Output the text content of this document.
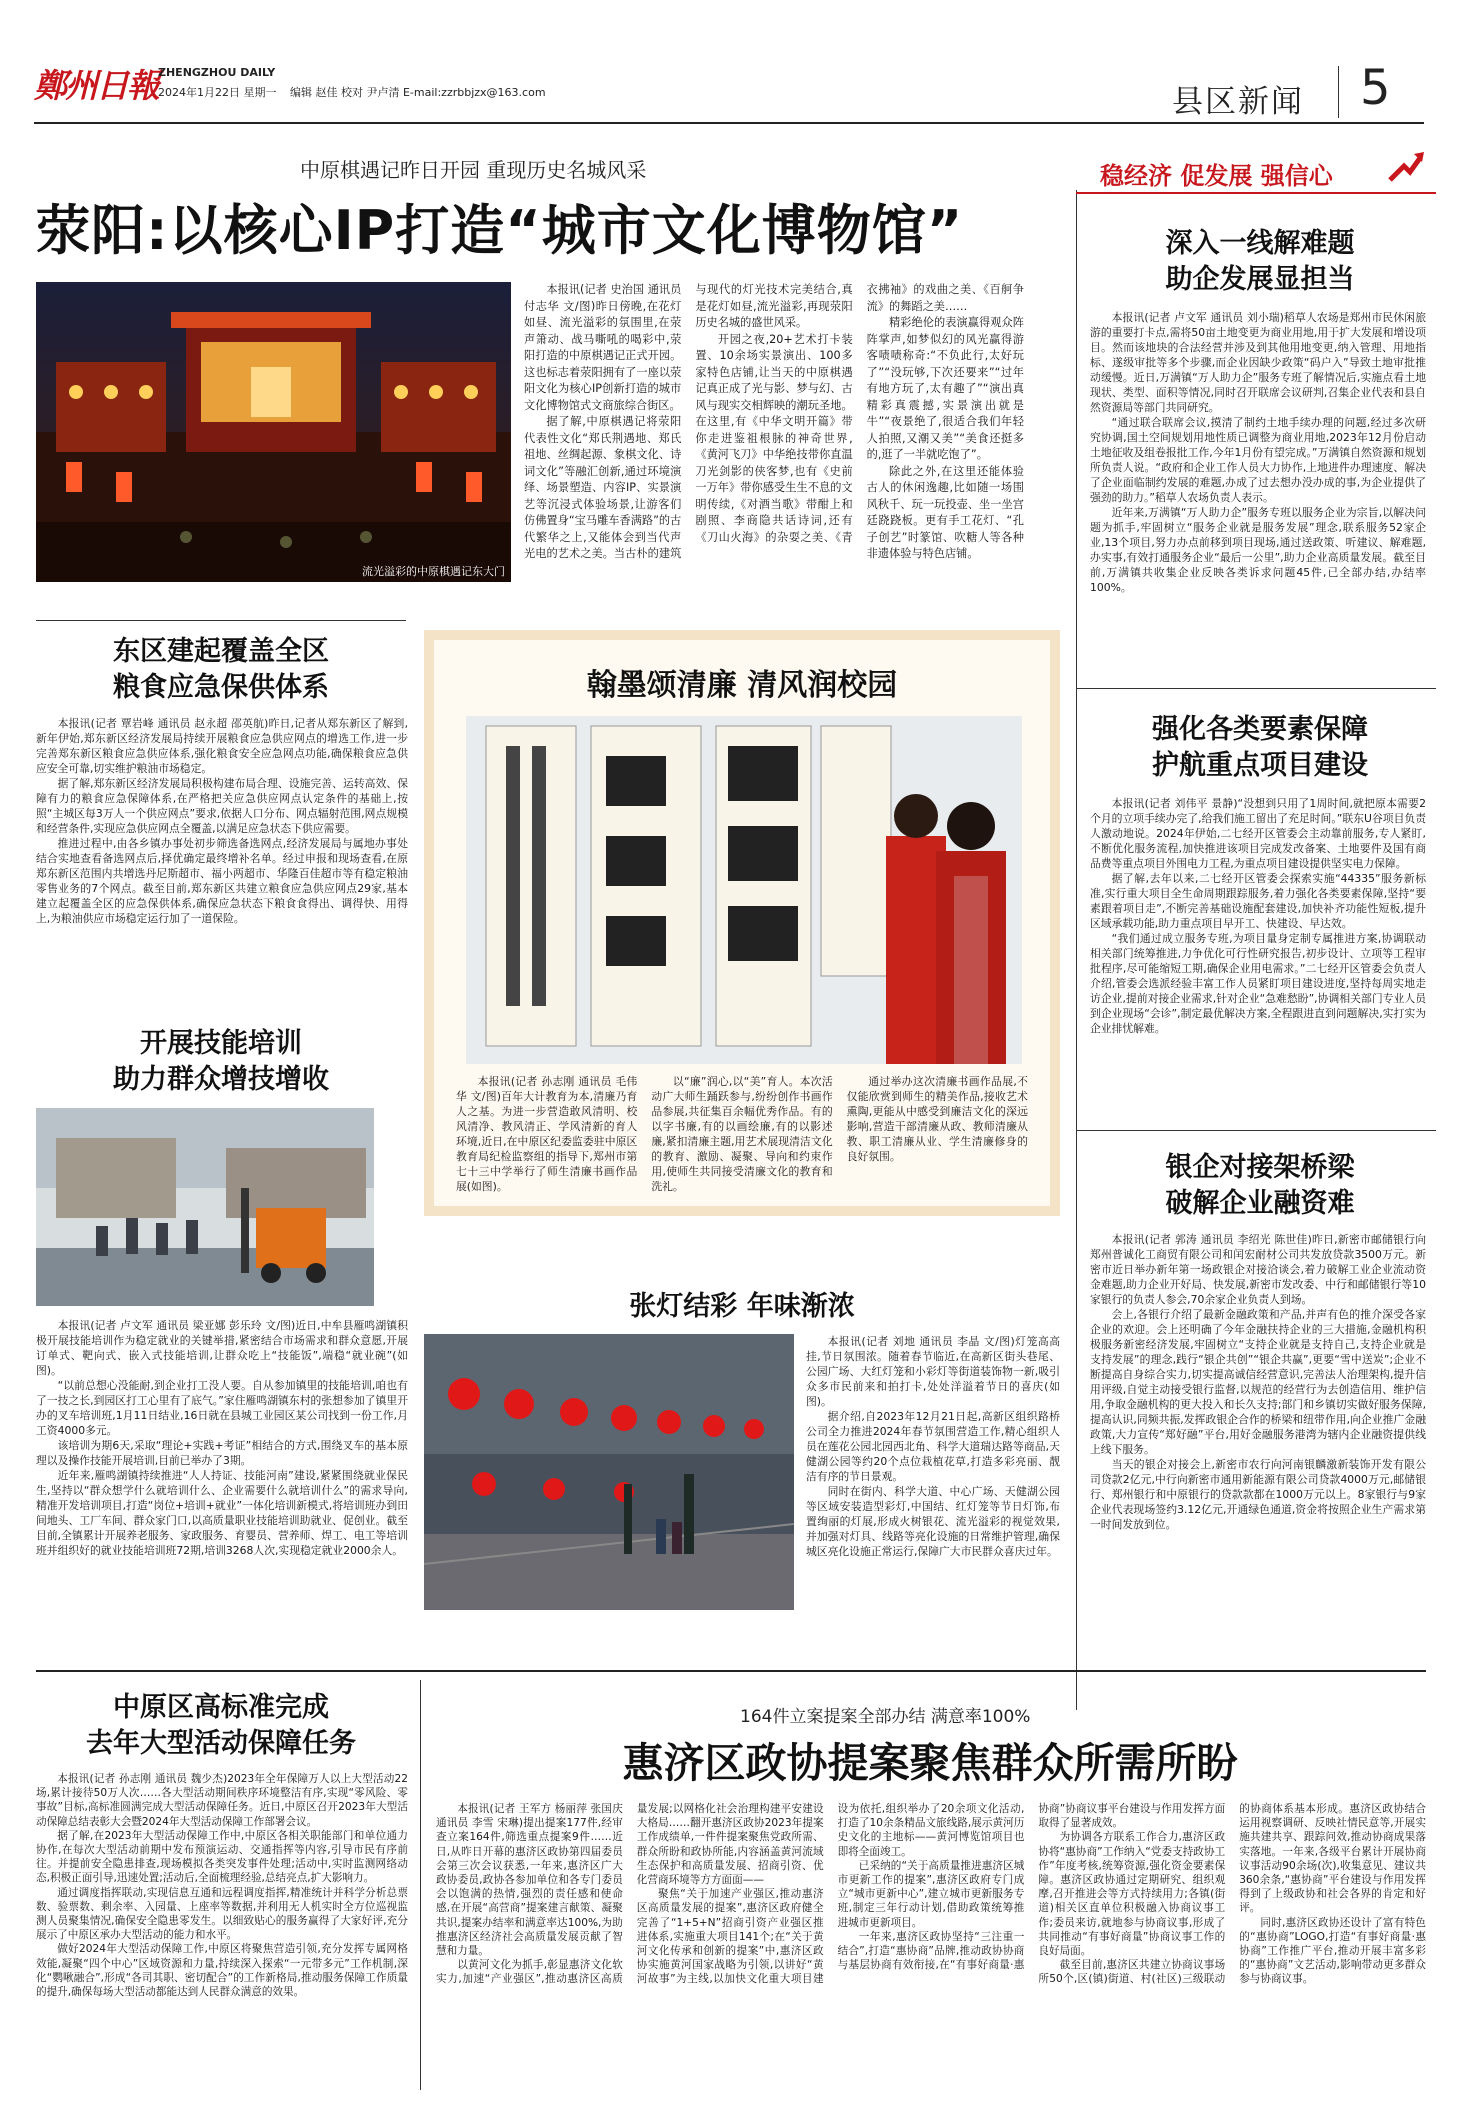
鄭州日報 ZHENGZHOU DAILY
2024年1月22日 星期一 编辑 赵佳 校对 尹卢清 E-mail:zzrbbjzx@163.com	县区新闻 5
中原棋遇记昨日开园 重现历史名城风采
荥阳:以核心IP打造“城市文化博物馆”
流光溢彩的中原棋遇记东大门

本报讯(记者 史治国 通讯员 付志华 文/图)昨日傍晚,在花灯如昼、流光溢彩的氛围里,在荥声箫动、战马嘶吼的喝彩中,荥阳打造的中原棋遇记正式开园。这也标志着荥阳拥有了一座以荥阳文化为核心IP创新打造的城市文化博物馆式文商旅综合街区。

据了解,中原棋遇记将荥阳代表性文化“郑氏荆遇地、郑氏祖地、丝绸起源、象棋文化、诗词文化”等融汇创新,通过环境演绎、场景塑造、内容IP、实景演艺等沉浸式体验场景,让游客们仿佛置身“宝马雕车香满路”的古代繁华之上,又能体会到当代声光电的艺术之美。当古朴的建筑与现代的灯光技术完美结合,真是花灯如昼,流光溢彩,再现荥阳历史名城的盛世风采。

开园之夜,20+艺术打卡装置、10余场实景演出、100多家特色店铺,让当天的中原棋遇记真正成了光与影、梦与幻、古风与现实交相辉映的潮玩圣地。在这里,有《中华文明开篇》带你走进鉴祖根脉的神奇世界,《黄河飞刀》中华绝技带你直温刀光剑影的侠客梦,也有《史前一万年》带你感受生生不息的文明传续,《对酒当歌》带酣上和剧照、李商隐共话诗词,还有《刀山火海》的杂耍之美、《青衣拂袖》的戏曲之美、《百舸争流》的舞蹈之美……

精彩绝伦的表演赢得观众阵阵掌声,如梦似幻的风光赢得游客啧啧称奇:“不负此行,太好玩了”“没玩够,下次还要来”“过年有地方玩了,太有趣了”“演出真精彩真震撼,实景演出就是牛”“夜景绝了,很适合我们年轻人拍照,又潮又美”“美食还挺多的,逛了一半就吃饱了”。

除此之外,在这里还能体验古人的休闲逸趣,比如随一场围风秋千、玩一玩投壶、坐一坐宫廷跷跷板。更有手工花灯、“孔子创艺”时篆馆、吹糖人等各种非遗体验与特色店铺。

稳经济 促发展 强信心
深入一线解难题
助企发展显担当

本报讯(记者 卢文军 通讯员 刘小瑞)稻草人农场是郑州市民休闲旅游的重要打卡点,需将50亩土地变更为商业用地,用于扩大发展和增设项目。然而该地块的合法经营并涉及到其他用地变更,纳入管理、用地指标、遂级审批等多个步骤,而企业因缺少政策“码户入”导致土地审批推动缓慢。近日,万满镇“万人助力企”服务专班了解情况后,实施点看土地现状、类型、面积等情况,同时召开联席会议研判,召集企业代表和县自然资源局等部门共同研究。

“通过联合联席会议,摸清了制约土地手续办理的问题,经过多次研究协调,国土空间规划用地性质已调整为商业用地,2023年12月份启动土地征收及组卷报批工作,今年1月份有望完成。”万满镇自然资源和规划所负责人说。“政府和企业工作人员大力协作,上地进件办理速度、解决了企业面临制约发展的难题,办成了过去想办没办成的事,为企业提供了强劲的助力。”稻草人农场负责人表示。

近年来,万满镇“万人助力企”服务专班以服务企业为宗旨,以解决问题为抓手,牢固树立“服务企业就是服务发展”理念,联系服务52家企业,13个项目,努力办点前移到项目现场,通过送政策、听建议、解难题,办实事,有效打通服务企业“最后一公里”,助力企业高质量发展。截至目前,万满镇共收集企业反映各类诉求问题45件,已全部办结,办结率100%。

强化各类要素保障
护航重点项目建设

本报讯(记者 刘伟平 景静)“没想到只用了1周时间,就把原本需要2个月的立项手续办完了,给我们施工留出了充足时间。”联东U谷项目负责人激动地说。2024年伊始,二七经开区管委会主动靠前服务,专人紧盯,不断优化服务流程,加快推进该项目完成发改备案、土地要件及国有商品费等重点项目外围电力工程,为重点项目建设提供坚实电力保障。

据了解,去年以来,二七经开区管委会探索实施“44335”服务新标准,实行重大项目全生命周期跟踪服务,着力强化各类要素保障,坚持“要素跟着项目走”,不断完善基础设施配套建设,加快补齐功能性短板,提升区域承载功能,助力重点项目早开工、快建设、早达效。

“我们通过成立服务专班,为项目量身定制专属推进方案,协调联动相关部门统筹推进,力争优化可行性研究报告,初步设计、立项等工程审批程序,尽可能缩短工期,确保企业用电需求。”二七经开区管委会负责人介绍,管委会选派经验丰富工作人员紧盯项目建设进度,坚持每周实地走访企业,提前对接企业需求,针对企业“急难愁盼”,协调相关部门专业人员到企业现场“会诊”,制定最优解决方案,全程跟进直到问题解决,实打实为企业排忧解难。

银企对接架桥梁
破解企业融资难

本报讯(记者 郭涛 通讯员 李绍光 陈世佳)昨日,新密市邮储银行向郑州普诚化工商贸有限公司和闰宏耐材公司共发放贷款3500万元。新密市近日举办新年第一场政银企对接洽谈会,着力破解工业企业流动资金难题,助力企业开好局、快发展,新密市发改委、中行和邮储银行等10家银行的负责人参会,70余家企业负责人到场。

会上,各银行介绍了最新金融政策和产品,并声有色的推介深受各家企业的欢迎。会上还明确了今年金融扶持企业的三大措施,金融机构积极服务新密经济发展,牢固树立“支持企业就是支持自己,支持企业就是支持发展”的理念,践行“银企共创”“银企共赢”,更要“雪中送炭”;企业不断提高自身综合实力,切实提高诚信经营意识,完善法人治理架构,提升信用评级,自觉主动接受银行监督,以规范的经营行为去创造信用、维护信用,争取金融机构的更大投入和长久支持;部门和乡镇切实做好服务保障,提高认识,同频共振,发挥政银企合作的桥梁和纽带作用,向企业推广金融政策,大力宣传“郑好融”平台,用好金融服务港湾为辖内企业融资提供线上线下服务。

当天的银企对接会上,新密市农行向河南银麟激新装饰开发有限公司贷款2亿元,中行向新密市通用新能源有限公司贷款4000万元,邮储银行、郑州银行和中原银行的贷款款都在1000万元以上。8家银行与9家企业代表现场签约3.12亿元,开通绿色通道,资金将按照企业生产需求第一时间发放到位。

东区建起覆盖全区
粮食应急保供体系

本报讯(记者 覃岩峰 通讯员 赵永超 邵英航)昨日,记者从郑东新区了解到,新年伊始,郑东新区经济发展局持续开展粮食应急供应网点的增选工作,进一步完善郑东新区粮食应急供应体系,强化粮食安全应急网点功能,确保粮食应急供应安全可靠,切实维护粮油市场稳定。

据了解,郑东新区经济发展局积极构建布局合理、设施完善、运转高效、保障有力的粮食应急保障体系,在严格把关应急供应网点认定条件的基础上,按照“主城区每3万人一个供应网点”要求,依据人口分布、网点辐射范围,网点规模和经营条件,实现应急供应网点全覆盖,以满足应急状态下供应需要。

推进过程中,由各乡镇办事处初步筛选备选网点,经济发展局与属地办事处结合实地查看备选网点后,择优确定最终增补名单。经过申报和现场查看,在原郑东新区范围内共增选丹尼斯超市、福小两超市、华隆百佳超市等有稳定粮油零售业务的7个网点。截至目前,郑东新区共建立粮食应急供应网点29家,基本建立起覆盖全区的应急保供体系,确保应急状态下粮食食得出、调得快、用得上,为粮油供应市场稳定运行加了一道保险。

开展技能培训
助力群众增技增收

本报讯(记者 卢文军 通讯员 梁亚娜 彭乐玲 文/图)近日,中牟县雁鸣湖镇积极开展技能培训作为稳定就业的关键举措,紧密结合市场需求和群众意愿,开展订单式、靶向式、嵌入式技能培训,让群众吃上“技能饭”,端稳“就业碗”(如图)。

“以前总想心没能耐,到企业打工没人要。自从参加镇里的技能培训,咱也有了一技之长,到园区打工心里有了底气。”家住雁鸣湖镇东村的张想参加了镇里开办的叉车培训班,1月11日结业,16日就在县城工业园区某公司找到一份工作,月工资4000多元。

该培训为期6天,采取“理论+实践+考证”相结合的方式,围绕叉车的基本原理以及操作技能开展培训,目前已举办了3期。

近年来,雁鸣湖镇持续推进“人人持证、技能河南”建设,紧紧围绕就业保民生,坚持以“群众想学什么就培训什么、企业需要什么就培训什么”的需求导向,精准开发培训项目,打造“岗位+培训+就业”一体化培训新模式,将培训班办到田间地头、工厂车间、群众家门口,以高质量职业技能培训助就业、促创业。截至目前,全镇累计开展养老服务、家政服务、育婴员、营养师、焊工、电工等培训班并组织好的就业技能培训班72期,培训3268人次,实现稳定就业2000余人。

翰墨颂清廉 清风润校园

本报讯(记者 孙志刚 通讯员 毛伟华 文/图)百年大计教育为本,清廉乃育人之基。为进一步营造敢风清明、校风清净、教风清正、学风清新的育人环境,近日,在中原区纪委监委驻中原区教育局纪检监察组的指导下,郑州市第七十三中学举行了师生清廉书画作品展(如图)。

以“廉”润心,以“美”育人。本次活动广大师生踊跃参与,纷纷创作书画作品参展,共征集百余幅优秀作品。有的以字书廉,有的以画绘廉,有的以影述廉,紧扣清廉主题,用艺术展现清洁文化的教育、激励、凝聚、导向和约束作用,使师生共同接受清廉文化的教育和洗礼。

通过举办这次清廉书画作品展,不仅能欣赏到师生的精美作品,接收艺术熏陶,更能从中感受到廉洁文化的深远影响,营造干部清廉从政、教师清廉从教、职工清廉从业、学生清廉修身的良好氛围。

张灯结彩 年味渐浓

本报讯(记者 刘地 通讯员 李晶 文/图)灯笼高高挂,节日氛围浓。随着春节临近,在高新区街头巷尾、公园广场、大红灯笼和小彩灯等街道装饰物一新,吸引众多市民前来和拍打卡,处处洋溢着节日的喜庆(如图)。

据介绍,自2023年12月21日起,高新区组织路桥公司全力推进2024年春节氛围营造工作,精心组织人员在莲花公园北园西北角、科学大道瑞达路等商品,天健湖公园等约20个点位栽植花草,打造多彩亮丽、靓洁有序的节日景观。

同时在街内、科学大道、中心广场、天健湖公园等区域安装造型彩灯,中国结、红灯笼等节日灯饰,布置绚丽的灯展,形成火树银花、流光溢彩的视觉效果,并加强对灯具、线路等亮化设施的日常维护管理,确保城区亮化设施正常运行,保障广大市民群众喜庆过年。

中原区高标准完成
去年大型活动保障任务

本报讯(记者 孙志刚 通讯员 魏少杰)2023年全年保障万人以上大型活动22场,累计接待50万人次……各大型活动期间秩序环境整洁有序,实现“零风险、零事故”目标,高标准圆满完成大型活动保障任务。近日,中原区召开2023年大型活动保障总结表彰大会暨2024年大型活动保障工作部署会议。

据了解,在2023年大型活动保障工作中,中原区各相关职能部门和单位通力协作,在每次大型活动前期中发布预演运动、交通指挥等内容,引导市民有序前往。并提前安全隐患排查,现场模拟各类突发事件处理;活动中,实时监测网络动态,积极正面引导,迅速处置;活动后,全面梳理经验,总结亮点,扩大影响力。

通过调度指挥联动,实现信息互通和远程调度指挥,精准统计并科学分析总票数、验票数、剩余率、入园量、上座率等数据,并利用无人机实时全方位巡视监测人员聚集情况,确保安全隐患零发生。以细致贴心的服务赢得了大家好评,充分展示了中原区承办大型活动的能力和水平。

做好2024年大型活动保障工作,中原区将聚焦营造引领,充分发挥专属网格效能,凝聚“四个中心”区域资源和力量,持续深入探索“一元带多元”工作机制,深化“鹦啾融合”,形成“各司其职、密切配合”的工作新格局,推动服务保障工作质量的提升,确保每场大型活动都能达到人民群众满意的效果。

164件立案提案全部办结 满意率100%
惠济区政协提案聚焦群众所需所盼

本报讯(记者 王军方 杨丽萍 张国庆 通讯员 李雪 宋琳)提出提案177件,经审查立案164件,筛选重点提案9件……近日,从昨日开幕的惠济区政协第四届委员会第三次会议获悉,一年来,惠济区广大政协委员,政协各参加单位和各专门委员会以饱满的热情,强烈的责任感和使命感,在开展“高营商”提案建言献策、凝聚共识,提案办结率和满意率达100%,为助推惠济区经济社会高质量发展贡献了智慧和力量。

以黄河文化为抓手,彰显惠济文化软实力,加速“产业强区”,推动惠济区高质量发展;以网格化社会治理构建平安建设大格局……翻开惠济区政协2023年提案工作成绩单,一件件提案聚焦党政所需、群众所盼和政协所能,内容涵盖黄河流域生态保护和高质量发展、招商引资、优化营商环境等方方面面——

聚焦“关于加速产业强区,推动惠济区高质量发展的提案”,惠济区政府健全完善了“1+5+N”招商引资产业强区推进体系,实施重大项目141个;在“关于黄河文化传承和创新的提案”中,惠济区政协实施黄河国家战略为引领,以讲好“黄河故事”为主线,以加快文化重大项目建设为依托,组织举办了20余项文化活动,打造了10余条精品文旅线路,展示黄河历史文化的主地标——黄河博览馆项目也即将全面竣工。

已采纳的“关于高质量推进惠济区城市更新工作的提案”,惠济区政府专门成立“城市更新中心”,建立城市更新服务专班,制定三年行动计划,借助政策统筹推进城市更新项目。

一年来,惠济区政协坚持“三注重一结合”,打造“惠协商”品牌,推动政协协商与基层协商有效衔接,在“有事好商量·惠协商”协商议事平台建设与作用发挥方面取得了显著成效。

为协调各方联系工作合力,惠济区政协将“惠协商”工作纳入“党委支持政协工作”年度考核,统筹资源,强化资金要素保障。惠济区政协通过定期研究、组织观摩,召开推进会等方式持续用力;各镇(街道)相关区直单位积极融入协商议事工作;委员来访,就地参与协商议事,形成了共同推动“有事好商量”协商议事工作的良好局面。

截至目前,惠济区共建立协商议事场所50个,区(镇)街道、村(社区)三级联动的协商体系基本形成。惠济区政协结合运用视察调研、反映社情民意等,开展实施共建共享、跟踪问效,推动协商成果落实落地。一年来,各级平台累计开展协商议事活动90余场(次),收集意见、建议共360余条,“惠协商”平台建设与作用发挥得到了上级政协和社会各界的肯定和好评。

同时,惠济区政协还设计了富有特色的“惠协商”LOGO,打造“有事好商量·惠协商”工作推广平台,推动开展丰富多彩的“惠协商”文艺活动,影响带动更多群众参与协商议事。
